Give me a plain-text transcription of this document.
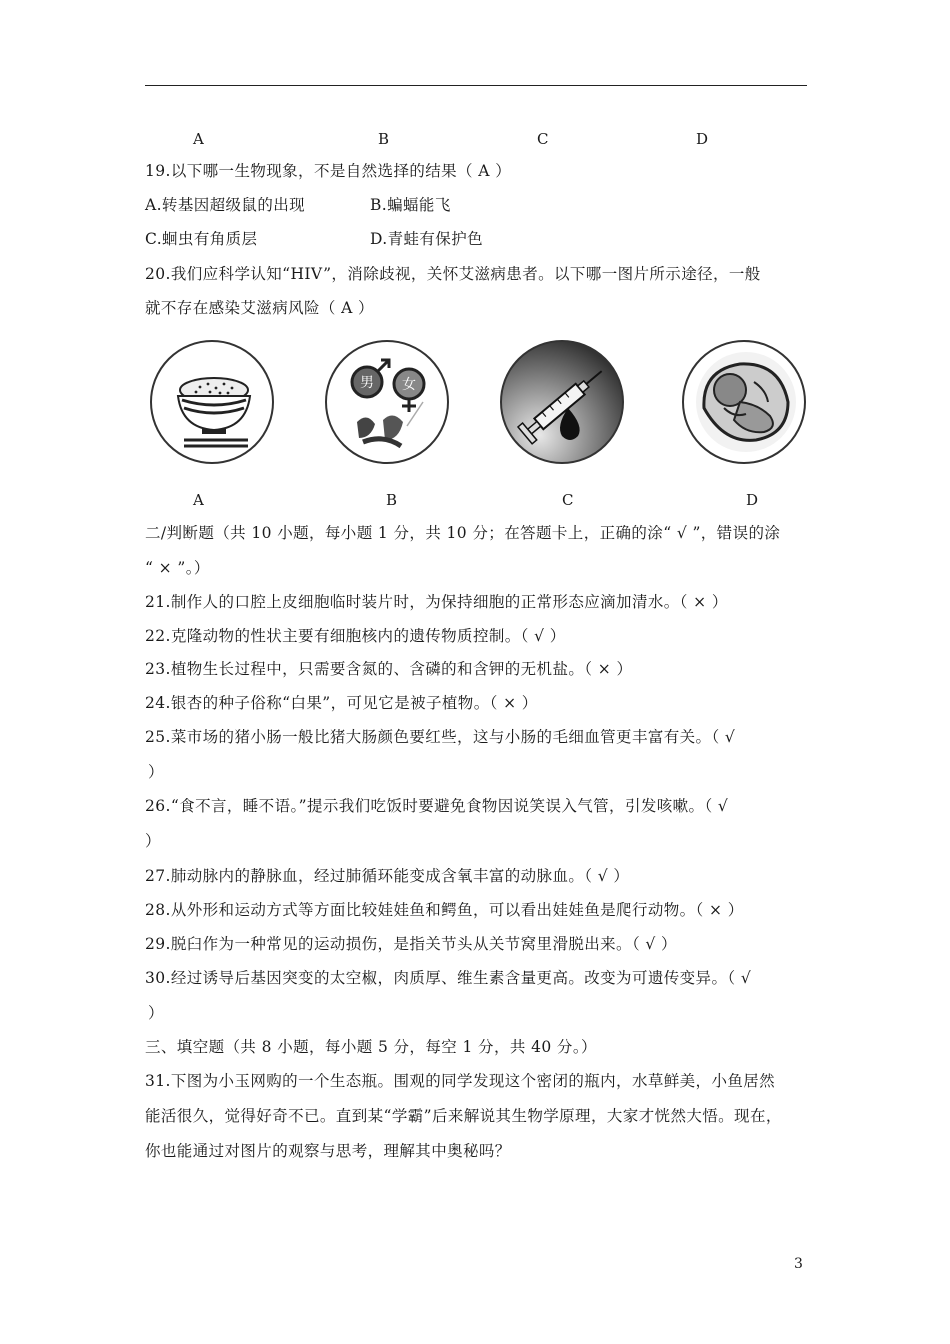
A	B	C	D
19.以下哪一生物现象，不是自然选择的结果（ A ）
A.转基因超级鼠的出现	B.蝙蝠能飞
C.蛔虫有角质层	D.青蛙有保护色
20.我们应科学认知“HIV”，消除歧视，关怀艾滋病患者。以下哪一图片所示途径，一般
就不存在感染艾滋病风险（ A ）
男 女
A	B	C	D
二/判断题（共 10 小题，每小题 1 分，共 10 分；在答题卡上，正确的涂“ √ ”，错误的涂
“ × ”。）
21.制作人的口腔上皮细胞临时装片时，为保持细胞的正常形态应滴加清水。（ × ）
22.克隆动物的性状主要有细胞核内的遗传物质控制。（ √ ）
23.植物生长过程中，只需要含氮的、含磷的和含钾的无机盐。（ × ）
24.银杏的种子俗称“白果”，可见它是被子植物。（ × ）
25.菜市场的猪小肠一般比猪大肠颜色要红些，这与小肠的毛细血管更丰富有关。（ √
）
26.“食不言，睡不语。”提示我们吃饭时要避免食物因说笑误入气管，引发咳嗽。（ √
）
27.肺动脉内的静脉血，经过肺循环能变成含氧丰富的动脉血。（ √ ）
28.从外形和运动方式等方面比较娃娃鱼和鳄鱼，可以看出娃娃鱼是爬行动物。（ × ）
29.脱臼作为一种常见的运动损伤，是指关节头从关节窝里滑脱出来。（ √ ）
30.经过诱导后基因突变的太空椒，肉质厚、维生素含量更高。改变为可遗传变异。（ √
）
三、填空题（共 8 小题，每小题 5 分，每空 1 分，共 40 分。）
31.下图为小玉网购的一个生态瓶。围观的同学发现这个密闭的瓶内，水草鲜美，小鱼居然
能活很久，觉得好奇不已。直到某“学霸”后来解说其生物学原理，大家才恍然大悟。现在，
你也能通过对图片的观察与思考，理解其中奥秘吗？
3
